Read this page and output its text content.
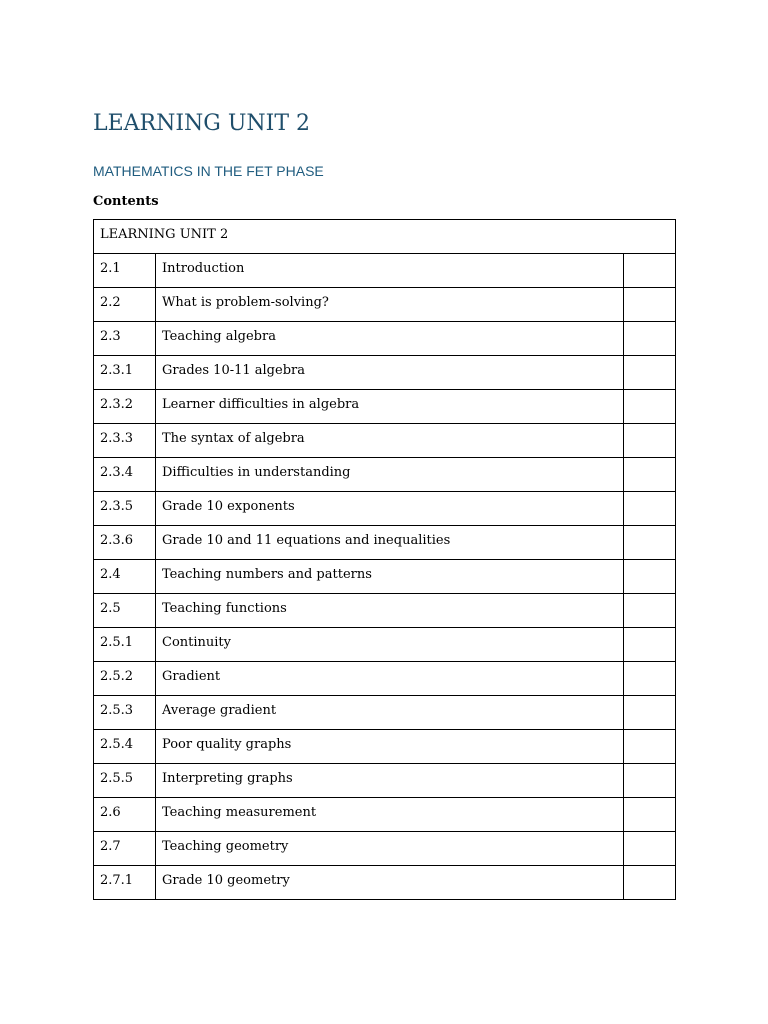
LEARNING UNIT 2
MATHEMATICS IN THE FET PHASE

Contents

LEARNING UNIT 2		
2.1	Introduction	
2.2	What is problem-solving?	
2.3	Teaching algebra	
2.3.1	Grades 10-11 algebra	
2.3.2	Learner difficulties in algebra	
2.3.3	The syntax of algebra	
2.3.4	Difficulties in understanding	
2.3.5	Grade 10 exponents	
2.3.6	Grade 10 and 11 equations and inequalities	
2.4	Teaching numbers and patterns	
2.5	Teaching functions	
2.5.1	Continuity	
2.5.2	Gradient	
2.5.3	Average gradient	
2.5.4	Poor quality graphs	
2.5.5	Interpreting graphs	
2.6	Teaching measurement	
2.7	Teaching geometry	
2.7.1	Grade 10 geometry	
